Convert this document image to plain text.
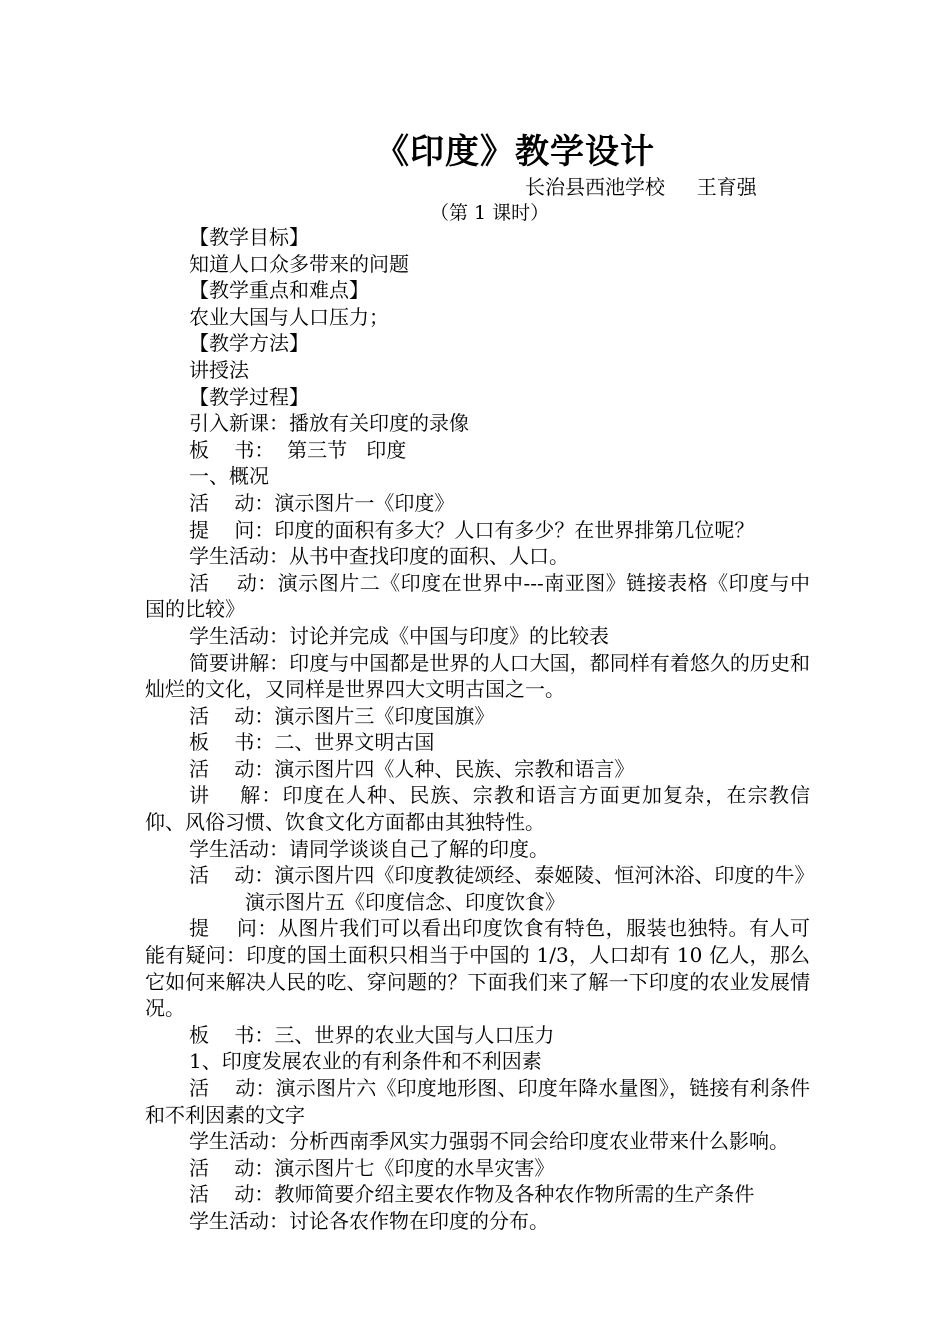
《印度》教学设计
长治县西池学校     王育强
（第 1 课时）

【教学目标】

知道人口众多带来的问题

【教学重点和难点】

农业大国与人口压力；

【教学方法】

讲授法

【教学过程】

引入新课：播放有关印度的录像

板    书：  第三节   印度

一、概况

活    动：演示图片一《印度》

提    问：印度的面积有多大？人口有多少？在世界排第几位呢？

学生活动：从书中查找印度的面积、人口。

活    动：演示图片二《印度在世界中---南亚图》链接表格《印度与中国的比较》

学生活动：讨论并完成《中国与印度》的比较表

简要讲解：印度与中国都是世界的人口大国，都同样有着悠久的历史和灿烂的文化，又同样是世界四大文明古国之一。

活    动：演示图片三《印度国旗》

板    书：二、世界文明古国

活    动：演示图片四《人种、民族、宗教和语言》

讲    解：印度在人种、民族、宗教和语言方面更加复杂，在宗教信仰、风俗习惯、饮食文化方面都由其独特性。

学生活动：请同学谈谈自己了解的印度。

活    动：演示图片四《印度教徒颂经、泰姬陵、恒河沐浴、印度的牛》

演示图片五《印度信念、印度饮食》

提    问：从图片我们可以看出印度饮食有特色，服装也独特。有人可能有疑问：印度的国土面积只相当于中国的 1/3，人口却有 10 亿人，那么它如何来解决人民的吃、穿问题的？下面我们来了解一下印度的农业发展情况。

板    书：三、世界的农业大国与人口压力

1、印度发展农业的有利条件和不利因素

活    动：演示图片六《印度地形图、印度年降水量图》，链接有利条件和不利因素的文字

学生活动：分析西南季风实力强弱不同会给印度农业带来什么影响。

活    动：演示图片七《印度的水旱灾害》

活    动：教师简要介绍主要农作物及各种农作物所需的生产条件

学生活动：讨论各农作物在印度的分布。
